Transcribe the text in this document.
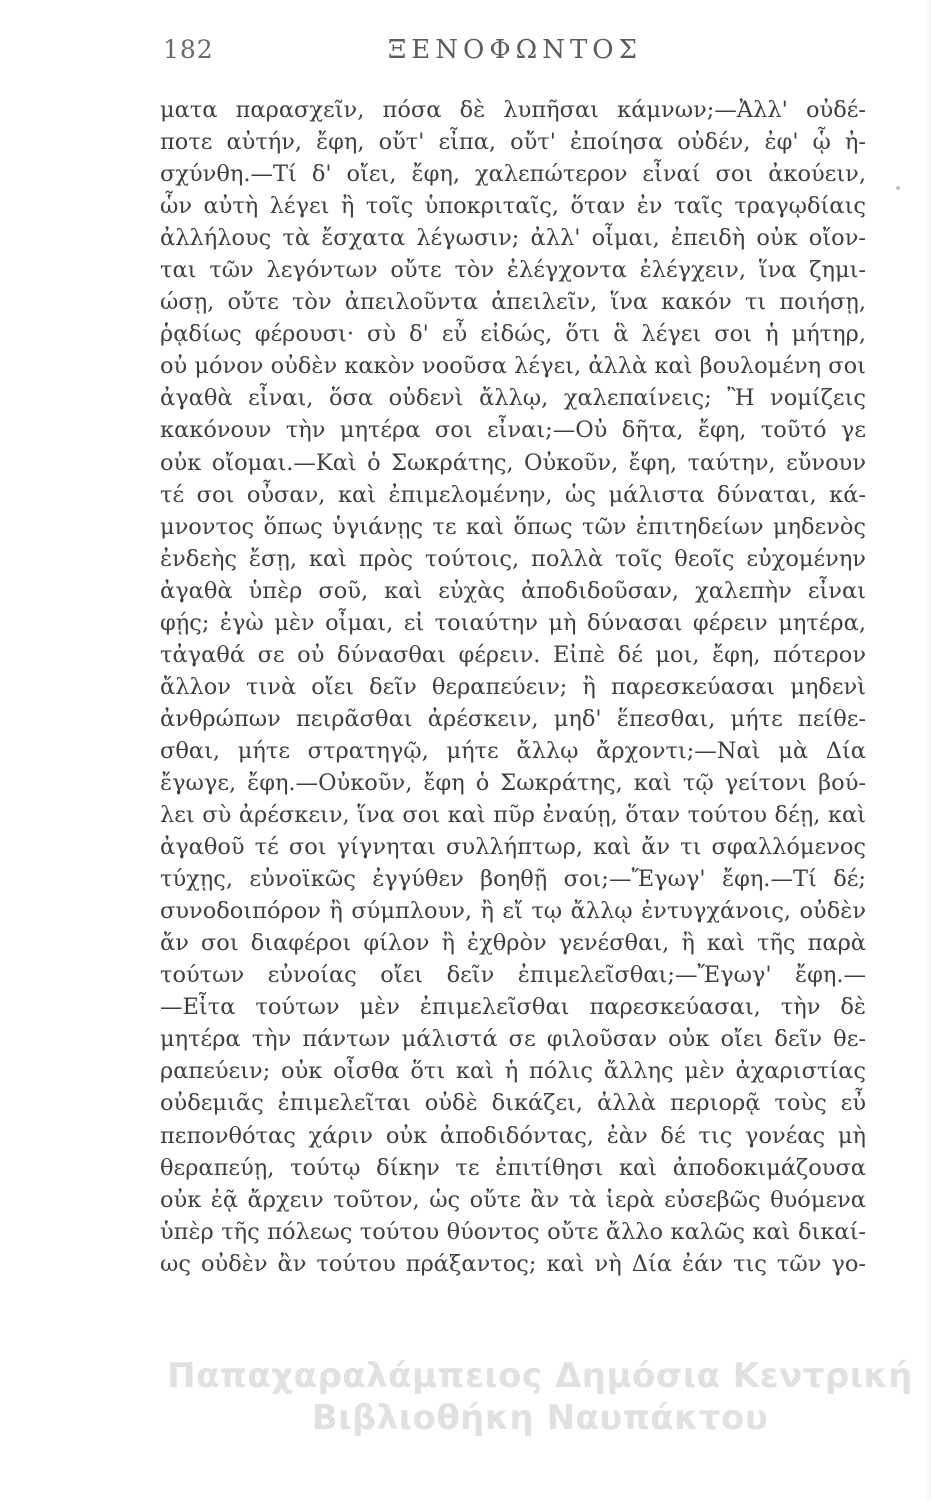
182	ΞΕΝΟΦΩΝΤΟΣ
ματα παρασχεῖν, πόσα δὲ λυπῆσαι κάμνων;—Ἀλλ' οὐδέ-
ποτε αὐτήν, ἔφη, οὔτ' εἶπα, οὔτ' ἐποίησα οὐδέν, ἐφ' ᾧ ἠ-
σχύνθη.—Τί δ' οἴει, ἔφη, χαλεπώτερον εἶναί σοι ἀκούειν,
ὧν αὐτὴ λέγει ἢ τοῖς ὑποκριταῖς, ὅταν ἐν ταῖς τραγῳδίαις
ἀλλήλους τὰ ἔσχατα λέγωσιν; ἀλλ' οἶμαι, ἐπειδὴ οὐκ οἴον-
ται τῶν λεγόντων οὔτε τὸν ἐλέγχοντα ἐλέγχειν, ἵνα ζημι-
ώσῃ, οὔτε τὸν ἀπειλοῦντα ἀπειλεῖν, ἵνα κακόν τι ποιήσῃ,
ῥᾳδίως φέρουσι· σὺ δ' εὖ εἰδώς, ὅτι ἃ λέγει σοι ἡ μήτηρ,
οὐ μόνον οὐδὲν κακὸν νοοῦσα λέγει, ἀλλὰ καὶ βουλομένη σοι
ἀγαθὰ εἶναι, ὅσα οὐδενὶ ἄλλῳ, χαλεπαίνεις; Ἢ νομίζεις
κακόνουν τὴν μητέρα σοι εἶναι;—Οὐ δῆτα, ἔφη, τοῦτό γε
οὐκ οἴομαι.—Καὶ ὁ Σωκράτης, Οὐκοῦν, ἔφη, ταύτην, εὔνουν
τέ σοι οὖσαν, καὶ ἐπιμελομένην, ὡς μάλιστα δύναται, κά-
μνοντος ὅπως ὑγιάνῃς τε καὶ ὅπως τῶν ἐπιτηδείων μηδενὸς
ἐνδεὴς ἔσῃ, καὶ πρὸς τούτοις, πολλὰ τοῖς θεοῖς εὐχομένην
ἀγαθὰ ὑπὲρ σοῦ, καὶ εὐχὰς ἀποδιδοῦσαν, χαλεπὴν εἶναι
φῄς; ἐγὼ μὲν οἶμαι, εἰ τοιαύτην μὴ δύνασαι φέρειν μητέρα,
τἀγαθά σε οὐ δύνασθαι φέρειν. Εἰπὲ δέ μοι, ἔφη, πότερον
ἄλλον τινὰ οἴει δεῖν θεραπεύειν; ἢ παρεσκεύασαι μηδενὶ
ἀνθρώπων πειρᾶσθαι ἀρέσκειν, μηδ' ἕπεσθαι, μήτε πείθε-
σθαι, μήτε στρατηγῷ, μήτε ἄλλῳ ἄρχοντι;—Ναὶ μὰ Δία
ἔγωγε, ἔφη.—Οὐκοῦν, ἔφη ὁ Σωκράτης, καὶ τῷ γείτονι βού-
λει σὺ ἀρέσκειν, ἵνα σοι καὶ πῦρ ἐναύῃ, ὅταν τούτου δέῃ, καὶ
ἀγαθοῦ τέ σοι γίγνηται συλλήπτωρ, καὶ ἄν τι σφαλλόμενος
τύχῃς, εὐνοϊκῶς ἐγγύθεν βοηθῇ σοι;—Ἔγωγ' ἔφη.—Τί δέ;
συνοδοιπόρον ἢ σύμπλουν, ἢ εἴ τῳ ἄλλῳ ἐντυγχάνοις, οὐδὲν
ἄν σοι διαφέροι φίλον ἢ ἐχθρὸν γενέσθαι, ἢ καὶ τῆς παρὰ
τούτων εὐνοίας οἴει δεῖν ἐπιμελεῖσθαι;—Ἔγωγ' ἔφη.—
—Εἶτα τούτων μὲν ἐπιμελεῖσθαι παρεσκεύασαι, τὴν δὲ
μητέρα τὴν πάντων μάλιστά σε φιλοῦσαν οὐκ οἴει δεῖν θε-
ραπεύειν; οὐκ οἶσθα ὅτι καὶ ἡ πόλις ἄλλης μὲν ἀχαριστίας
οὐδεμιᾶς ἐπιμελεῖται οὐδὲ δικάζει, ἀλλὰ περιορᾷ τοὺς εὖ
πεπονθότας χάριν οὐκ ἀποδιδόντας, ἐὰν δέ τις γονέας μὴ
θεραπεύῃ, τούτῳ δίκην τε ἐπιτίθησι καὶ ἀποδοκιμάζουσα
οὐκ ἐᾷ ἄρχειν τοῦτον, ὡς οὔτε ἂν τὰ ἱερὰ εὐσεβῶς θυόμενα
ὑπὲρ τῆς πόλεως τούτου θύοντος οὔτε ἄλλο καλῶς καὶ δικαί-
ως οὐδὲν ἂν τούτου πράξαντος; καὶ νὴ Δία ἐάν τις τῶν γο-
Παπαχαραλάμπειος Δημόσια Κεντρική
Βιβλιοθήκη Ναυπάκτου
